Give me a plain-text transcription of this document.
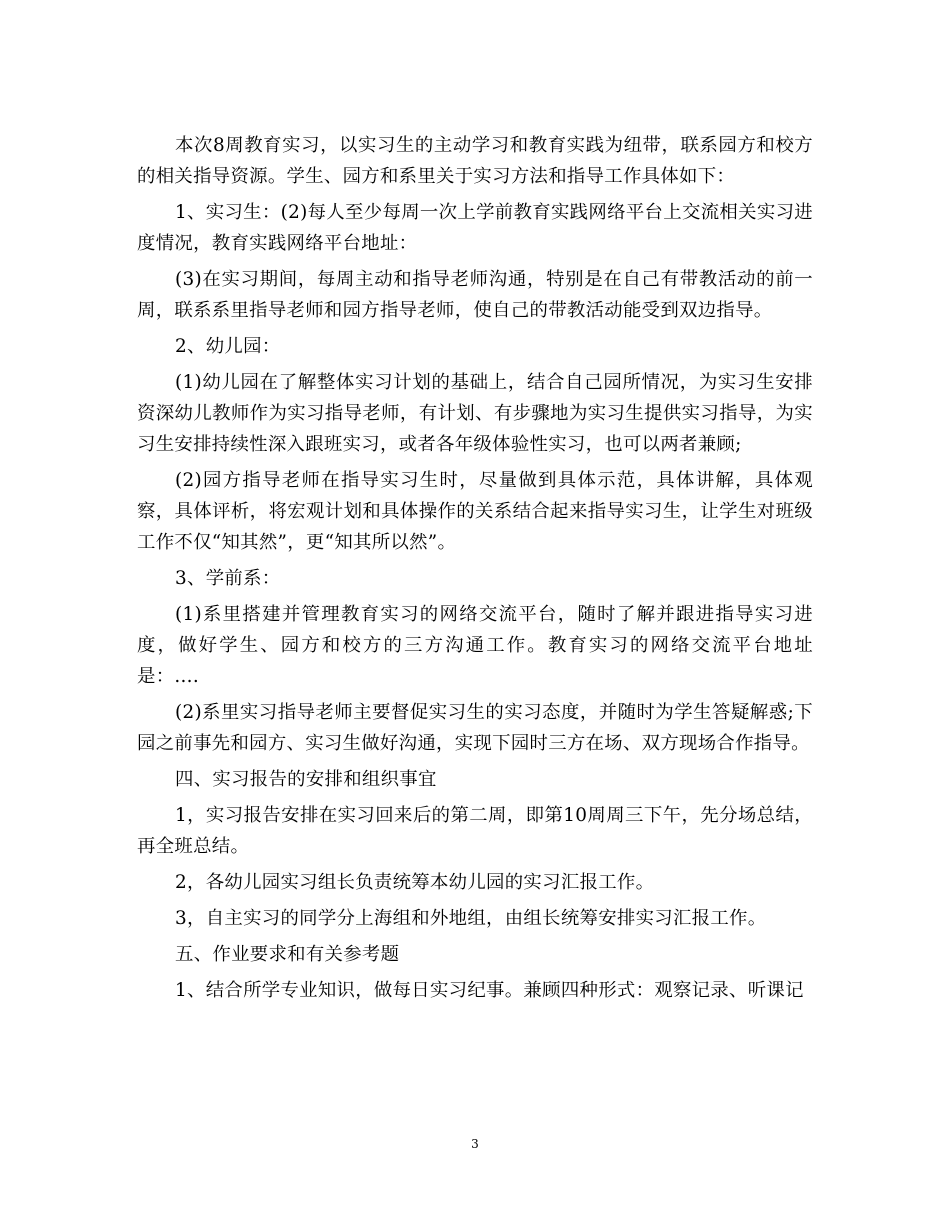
本次8周教育实习，以实习生的主动学习和教育实践为纽带，联系园方和校方的相关指导资源。学生、园方和系里关于实习方法和指导工作具体如下：

1、实习生：(2)每人至少每周一次上学前教育实践网络平台上交流相关实习进度情况，教育实践网络平台地址：

(3)在实习期间，每周主动和指导老师沟通，特别是在自己有带教活动的前一周，联系系里指导老师和园方指导老师，使自己的带教活动能受到双边指导。

2、幼儿园：

(1)幼儿园在了解整体实习计划的基础上，结合自己园所情况，为实习生安排资深幼儿教师作为实习指导老师，有计划、有步骤地为实习生提供实习指导，为实习生安排持续性深入跟班实习，或者各年级体验性实习，也可以两者兼顾;

(2)园方指导老师在指导实习生时，尽量做到具体示范，具体讲解，具体观察，具体评析，将宏观计划和具体操作的关系结合起来指导实习生，让学生对班级工作不仅“知其然”，更“知其所以然”。

3、学前系：

(1)系里搭建并管理教育实习的网络交流平台，随时了解并跟进指导实习进度，做好学生、园方和校方的三方沟通工作。教育实习的网络交流平台地址是：....

(2)系里实习指导老师主要督促实习生的实习态度，并随时为学生答疑解惑;下园之前事先和园方、实习生做好沟通，实现下园时三方在场、双方现场合作指导。

四、实习报告的安排和组织事宜

1，实习报告安排在实习回来后的第二周，即第10周周三下午，先分场总结，再全班总结。

2，各幼儿园实习组长负责统筹本幼儿园的实习汇报工作。

3，自主实习的同学分上海组和外地组，由组长统筹安排实习汇报工作。

五、作业要求和有关参考题

1、结合所学专业知识，做每日实习纪事。兼顾四种形式：观察记录、听课记

3
